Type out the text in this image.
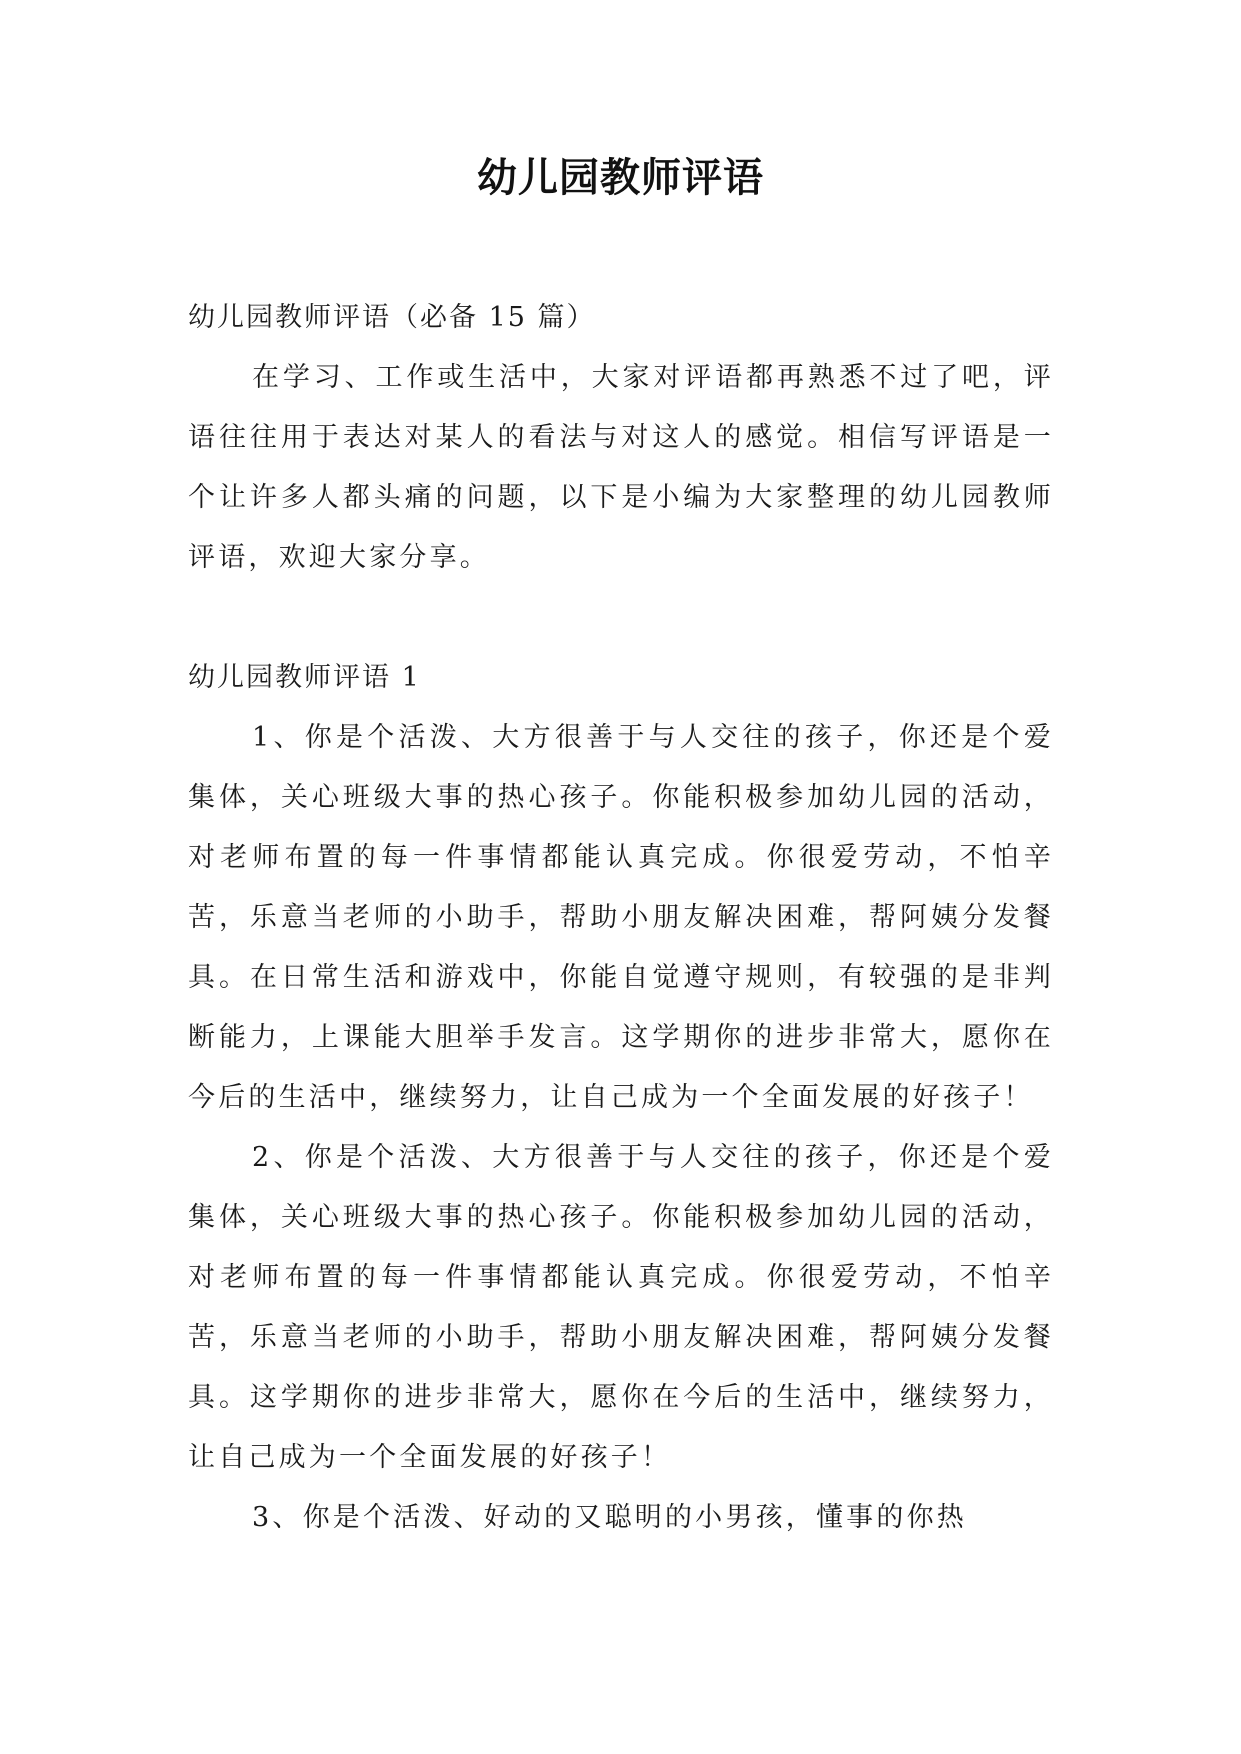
幼儿园教师评语

幼儿园教师评语（必备 15 篇）

在学习、工作或生活中，大家对评语都再熟悉不过了吧，评语往往用于表达对某人的看法与对这人的感觉。相信写评语是一个让许多人都头痛的问题，以下是小编为大家整理的幼儿园教师评语，欢迎大家分享。

幼儿园教师评语 1

1、你是个活泼、大方很善于与人交往的孩子，你还是个爱集体，关心班级大事的热心孩子。你能积极参加幼儿园的活动，对老师布置的每一件事情都能认真完成。你很爱劳动，不怕辛苦，乐意当老师的小助手，帮助小朋友解决困难，帮阿姨分发餐具。在日常生活和游戏中，你能自觉遵守规则，有较强的是非判断能力，上课能大胆举手发言。这学期你的进步非常大，愿你在今后的生活中，继续努力，让自己成为一个全面发展的好孩子！

2、你是个活泼、大方很善于与人交往的孩子，你还是个爱集体，关心班级大事的热心孩子。你能积极参加幼儿园的活动，对老师布置的每一件事情都能认真完成。你很爱劳动，不怕辛苦，乐意当老师的小助手，帮助小朋友解决困难，帮阿姨分发餐具。这学期你的进步非常大，愿你在今后的生活中，继续努力，让自己成为一个全面发展的好孩子！

3、你是个活泼、好动的又聪明的小男孩，懂事的你热
